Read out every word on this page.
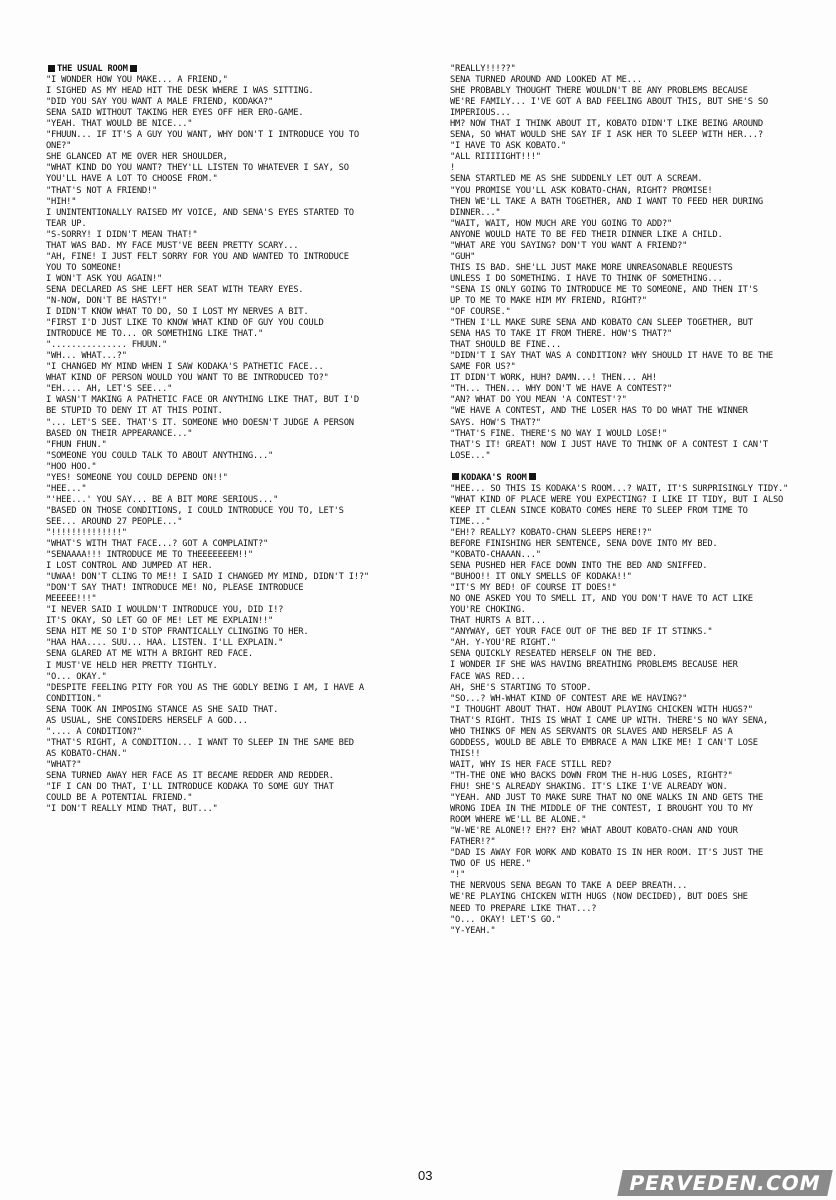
THE USUAL ROOM
"I WONDER HOW YOU MAKE... A FRIEND,"
I SIGHED AS MY HEAD HIT THE DESK WHERE I WAS SITTING.
"DID YOU SAY YOU WANT A MALE FRIEND, KODAKA?"
SENA SAID WITHOUT TAKING HER EYES OFF HER ERO-GAME.
"YEAH. THAT WOULD BE NICE..."
"FHUUN... IF IT'S A GUY YOU WANT, WHY DON'T I INTRODUCE YOU TO
ONE?"
SHE GLANCED AT ME OVER HER SHOULDER,
"WHAT KIND DO YOU WANT? THEY'LL LISTEN TO WHATEVER I SAY, SO
YOU'LL HAVE A LOT TO CHOOSE FROM."
"THAT'S NOT A FRIEND!"
"HIH!"
I UNINTENTIONALLY RAISED MY VOICE, AND SENA'S EYES STARTED TO
TEAR UP.
"S-SORRY! I DIDN'T MEAN THAT!"
THAT WAS BAD. MY FACE MUST'VE BEEN PRETTY SCARY...
"AH, FINE! I JUST FELT SORRY FOR YOU AND WANTED TO INTRODUCE
YOU TO SOMEONE!
I WON'T ASK YOU AGAIN!"
SENA DECLARED AS SHE LEFT HER SEAT WITH TEARY EYES.
"N-NOW, DON'T BE HASTY!"
I DIDN'T KNOW WHAT TO DO, SO I LOST MY NERVES A BIT.
"FIRST I'D JUST LIKE TO KNOW WHAT KIND OF GUY YOU COULD
INTRODUCE ME TO... OR SOMETHING LIKE THAT."
"............... FHUUN."
"WH... WHAT...?"
"I CHANGED MY MIND WHEN I SAW KODAKA'S PATHETIC FACE...
WHAT KIND OF PERSON WOULD YOU WANT TO BE INTRODUCED TO?"
"EH.... AH, LET'S SEE..."
I WASN'T MAKING A PATHETIC FACE OR ANYTHING LIKE THAT, BUT I'D
BE STUPID TO DENY IT AT THIS POINT.
"... LET'S SEE. THAT'S IT. SOMEONE WHO DOESN'T JUDGE A PERSON
BASED ON THEIR APPEARANCE..."
"FHUN FHUN."
"SOMEONE YOU COULD TALK TO ABOUT ANYTHING..."
"HOO HOO."
"YES! SOMEONE YOU COULD DEPEND ON!!"
"HEE..."
"'HEE...' YOU SAY... BE A BIT MORE SERIOUS..."
"BASED ON THOSE CONDITIONS, I COULD INTRODUCE YOU TO, LET'S
SEE... AROUND 27 PEOPLE..."
"!!!!!!!!!!!!!!"
"WHAT'S WITH THAT FACE...? GOT A COMPLAINT?"
"SENAAAA!!! INTRODUCE ME TO THEEEEEEEM!!"
I LOST CONTROL AND JUMPED AT HER.
"UWAA! DON'T CLING TO ME!! I SAID I CHANGED MY MIND, DIDN'T I!?"
"DON'T SAY THAT! INTRODUCE ME! NO, PLEASE INTRODUCE
MEEEEE!!!"
"I NEVER SAID I WOULDN'T INTRODUCE YOU, DID I!?
IT'S OKAY, SO LET GO OF ME! LET ME EXPLAIN!!"
SENA HIT ME SO I'D STOP FRANTICALLY CLINGING TO HER.
"HAA HAA.... SUU... HAA. LISTEN. I'LL EXPLAIN."
SENA GLARED AT ME WITH A BRIGHT RED FACE.
I MUST'VE HELD HER PRETTY TIGHTLY.
"O... OKAY."
"DESPITE FEELING PITY FOR YOU AS THE GODLY BEING I AM, I HAVE A
CONDITION."
SENA TOOK AN IMPOSING STANCE AS SHE SAID THAT.
AS USUAL, SHE CONSIDERS HERSELF A GOD...
".... A CONDITION?"
"THAT'S RIGHT, A CONDITION... I WANT TO SLEEP IN THE SAME BED
AS KOBATO-CHAN."
"WHAT?"
SENA TURNED AWAY HER FACE AS IT BECAME REDDER AND REDDER.
"IF I CAN DO THAT, I'LL INTRODUCE KODAKA TO SOME GUY THAT
COULD BE A POTENTIAL FRIEND."
"I DON'T REALLY MIND THAT, BUT..."
"REALLY!!!??"
SENA TURNED AROUND AND LOOKED AT ME...
SHE PROBABLY THOUGHT THERE WOULDN'T BE ANY PROBLEMS BECAUSE
WE'RE FAMILY... I'VE GOT A BAD FEELING ABOUT THIS, BUT SHE'S SO
IMPERIOUS...
HM? NOW THAT I THINK ABOUT IT, KOBATO DIDN'T LIKE BEING AROUND
SENA, SO WHAT WOULD SHE SAY IF I ASK HER TO SLEEP WITH HER...?
"I HAVE TO ASK KOBATO."
"ALL RIIIIIGHT!!!"
!
SENA STARTLED ME AS SHE SUDDENLY LET OUT A SCREAM.
"YOU PROMISE YOU'LL ASK KOBATO-CHAN, RIGHT? PROMISE!
THEN WE'LL TAKE A BATH TOGETHER, AND I WANT TO FEED HER DURING
DINNER..."
"WAIT, WAIT, HOW MUCH ARE YOU GOING TO ADD?"
ANYONE WOULD HATE TO BE FED THEIR DINNER LIKE A CHILD.
"WHAT ARE YOU SAYING? DON'T YOU WANT A FRIEND?"
"GUH"
THIS IS BAD. SHE'LL JUST MAKE MORE UNREASONABLE REQUESTS
UNLESS I DO SOMETHING. I HAVE TO THINK OF SOMETHING...
"SENA IS ONLY GOING TO INTRODUCE ME TO SOMEONE, AND THEN IT'S
UP TO ME TO MAKE HIM MY FRIEND, RIGHT?"
"OF COURSE."
"THEN I'LL MAKE SURE SENA AND KOBATO CAN SLEEP TOGETHER, BUT
SENA HAS TO TAKE IT FROM THERE. HOW'S THAT?"
THAT SHOULD BE FINE...
"DIDN'T I SAY THAT WAS A CONDITION? WHY SHOULD IT HAVE TO BE THE
SAME FOR US?"
IT DIDN'T WORK, HUH? DAMN...! THEN... AH!
"TH... THEN... WHY DON'T WE HAVE A CONTEST?"
"AN? WHAT DO YOU MEAN 'A CONTEST'?"
"WE HAVE A CONTEST, AND THE LOSER HAS TO DO WHAT THE WINNER
SAYS. HOW'S THAT?"
"THAT'S FINE. THERE'S NO WAY I WOULD LOSE!"
THAT'S IT! GREAT! NOW I JUST HAVE TO THINK OF A CONTEST I CAN'T
LOSE..."
KODAKA'S ROOM
"HEE... SO THIS IS KODAKA'S ROOM...? WAIT, IT'S SURPRISINGLY TIDY."
"WHAT KIND OF PLACE WERE YOU EXPECTING? I LIKE IT TIDY, BUT I ALSO
KEEP IT CLEAN SINCE KOBATO COMES HERE TO SLEEP FROM TIME TO
TIME..."
"EH!? REALLY? KOBATO-CHAN SLEEPS HERE!?"
BEFORE FINISHING HER SENTENCE, SENA DOVE INTO MY BED.
"KOBATO-CHAAAN..."
SENA PUSHED HER FACE DOWN INTO THE BED AND SNIFFED.
"BUHOO!! IT ONLY SMELLS OF KODAKA!!"
"IT'S MY BED! OF COURSE IT DOES!"
NO ONE ASKED YOU TO SMELL IT, AND YOU DON'T HAVE TO ACT LIKE
YOU'RE CHOKING.
THAT HURTS A BIT...
"ANYWAY, GET YOUR FACE OUT OF THE BED IF IT STINKS."
"AH. Y-YOU'RE RIGHT."
SENA QUICKLY RESEATED HERSELF ON THE BED.
I WONDER IF SHE WAS HAVING BREATHING PROBLEMS BECAUSE HER
FACE WAS RED...
AH, SHE'S STARTING TO STOOP.
"SO...? WH-WHAT KIND OF CONTEST ARE WE HAVING?"
"I THOUGHT ABOUT THAT. HOW ABOUT PLAYING CHICKEN WITH HUGS?"
THAT'S RIGHT. THIS IS WHAT I CAME UP WITH. THERE'S NO WAY SENA,
WHO THINKS OF MEN AS SERVANTS OR SLAVES AND HERSELF AS A
GODDESS, WOULD BE ABLE TO EMBRACE A MAN LIKE ME! I CAN'T LOSE
THIS!!
WAIT, WHY IS HER FACE STILL RED?
"TH-THE ONE WHO BACKS DOWN FROM THE H-HUG LOSES, RIGHT?"
FHU! SHE'S ALREADY SHAKING. IT'S LIKE I'VE ALREADY WON.
"YEAH. AND JUST TO MAKE SURE THAT NO ONE WALKS IN AND GETS THE
WRONG IDEA IN THE MIDDLE OF THE CONTEST, I BROUGHT YOU TO MY
ROOM WHERE WE'LL BE ALONE."
"W-WE'RE ALONE!? EH?? EH? WHAT ABOUT KOBATO-CHAN AND YOUR
FATHER!?"
"DAD IS AWAY FOR WORK AND KOBATO IS IN HER ROOM. IT'S JUST THE
TWO OF US HERE."
"!"
THE NERVOUS SENA BEGAN TO TAKE A DEEP BREATH...
WE'RE PLAYING CHICKEN WITH HUGS (NOW DECIDED), BUT DOES SHE
NEED TO PREPARE LIKE THAT...?
"O... OKAY! LET'S GO."
"Y-YEAH."
03	PERVEDEN.COM
